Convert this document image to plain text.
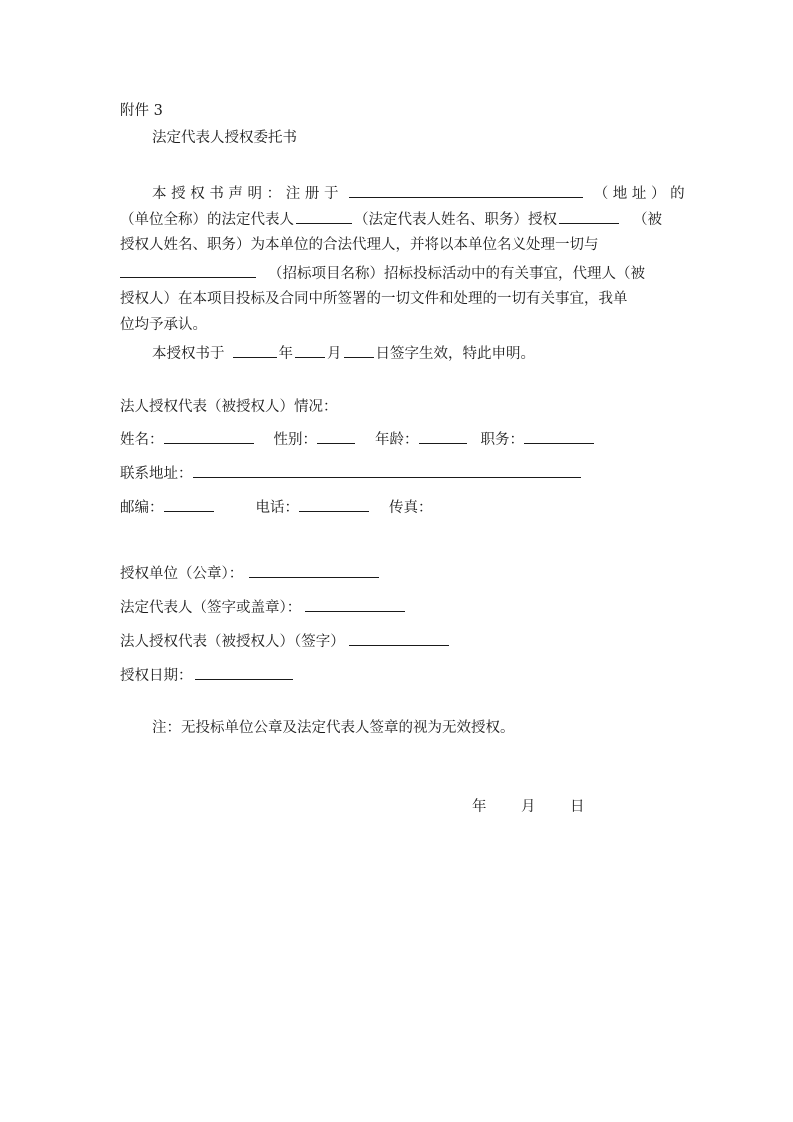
附件 3
法定代表人授权委托书
本 授 权 书 声 明 ： 注 册 于	（ 地 址 ） 的
（单位全称）的法定代表人	（法定代表人姓名、职务）授权	（被
授权人姓名、职务）为本单位的合法代理人，并将以本单位名义处理一切与
（招标项目名称）招标投标活动中的有关事宜，代理人（被
授权人）在本项目投标及合同中所签署的一切文件和处理的一切有关事宜，我单
位均予承认。
本授权书于	年 月 日签字生效，特此申明。
法人授权代表（被授权人）情况：
姓名：	性别：	年龄：	职务：
联系地址：
邮编：	电话：	传真：
授权单位（公章）：
法定代表人（签字或盖章）：
法人授权代表（被授权人）（签字）
授权日期：
注：无投标单位公章及法定代表人签章的视为无效授权。
年 月 日
